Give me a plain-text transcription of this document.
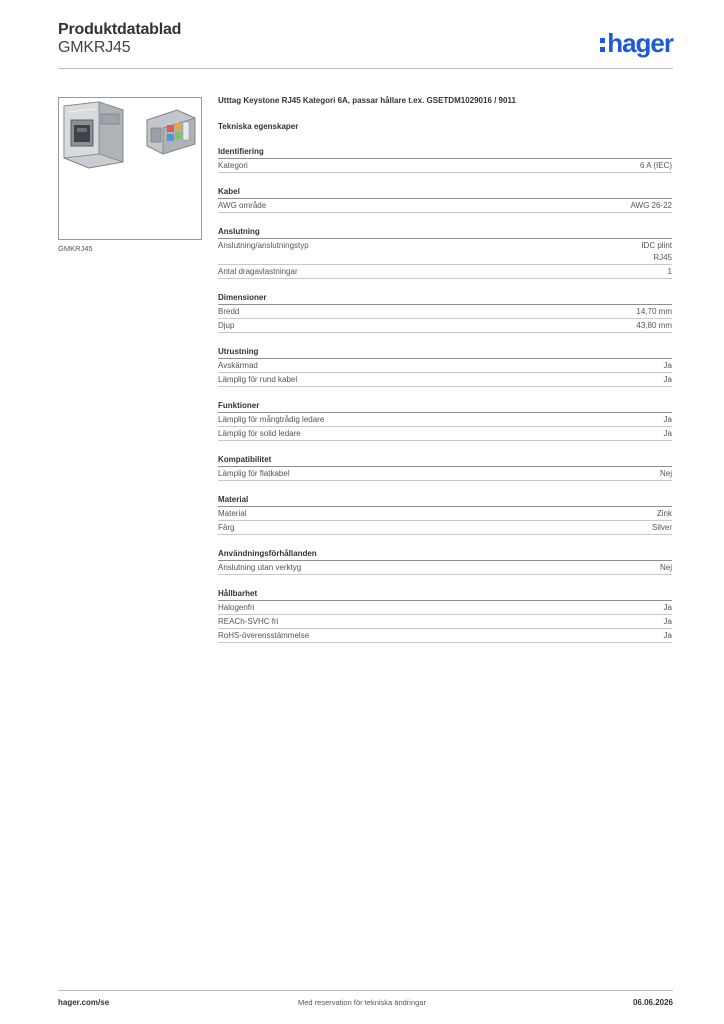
Produktdatablad
GMKRJ45	hager
GMKRJ45
Utttag Keystone RJ45 Kategori 6A, passar hållare t.ex. GSETDM1029016 / 9011
Tekniska egenskaper
Identifiering
Kategori	6 A (IEC)
Kabel
AWG område	AWG 26-22
Anslutning
Anslutning/anslutningstyp	IDC plint
RJ45
Antal dragavlastningar	1
Dimensioner
Bredd	14,70 mm
Djup	43,80 mm
Utrustning
Avskärmad	Ja
Lämplig för rund kabel	Ja
Funktioner
Lämplig för mångtrådig ledare	Ja
Lämplig för solid ledare	Ja
Kompatibilitet
Lämplig för flatkabel	Nej
Material
Material	Zink
Färg	Silver
Användningsförhållanden
Anslutning utan verktyg	Nej
Hållbarhet
Halogenfri	Ja
REACh-SVHC fri	Ja
RoHS-överensstämmelse	Ja
hager.com/se	Med reservation för tekniska ändringar	06.06.2026
